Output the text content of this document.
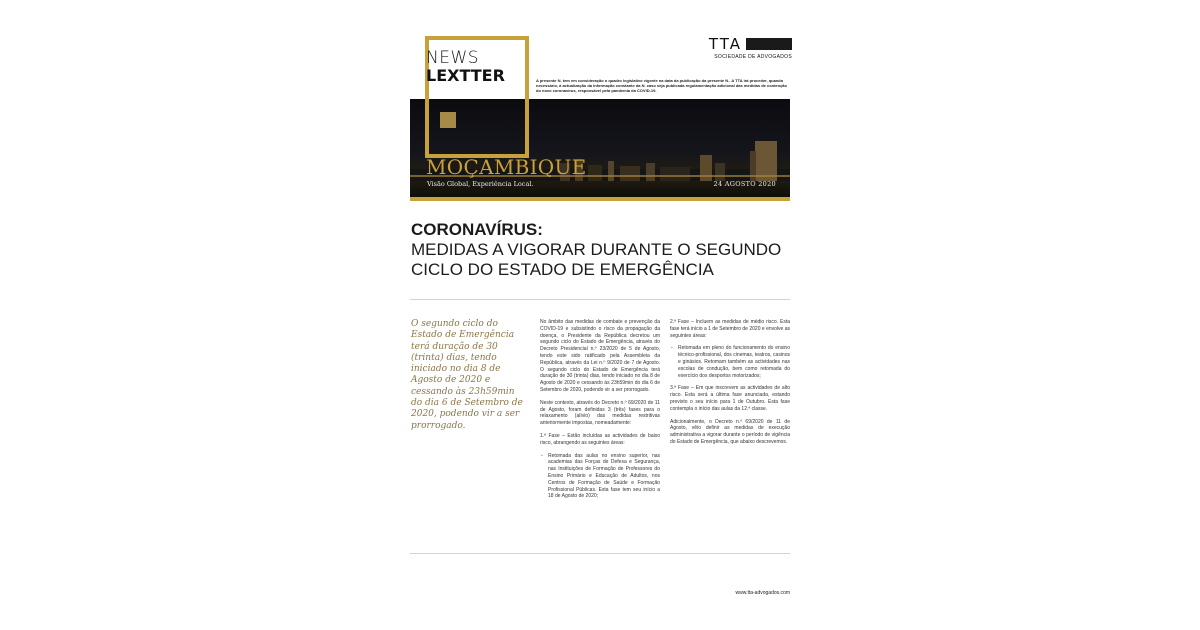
NEWS
LEXTTER
TTA
SOCIEDADE DE ADVOGADOS
A presente N. tem em consideração o quadro legislativo vigente na data da publicação da presente N.. A TTA irá proceder, quando necessário, à actualização da informação constante da N. caso seja publicada regulamentação adicional das medidas de contenção do novo coronavírus, responsável pela pandemia da COVID-19.
MOÇAMBIQUE
Visão Global, Experiência Local.	24 AGOSTO 2020
CORONAVÍRUS:
MEDIDAS A VIGORAR DURANTE O SEGUNDO
CICLO DO ESTADO DE EMERGÊNCIA
O segundo ciclo do Estado de Emergência terá duração de 30 (trinta) dias, tendo iniciado no dia 8 de Agosto de 2020 e cessando às 23h59min do dia 6 de Setembro de 2020, podendo vir a ser prorrogado.

No âmbito das medidas de combate e prevenção da COVID-19 e subsistindo o risco da propagação da doença, o Presidente da República decretou um segundo ciclo do Estado de Emergência, através do Decreto Presidencial n.º 23/2020 de 5 de Agosto, tendo este sido ratificado pela Assembleia da República, através da Lei n.º 9/2020 de 7 de Agosto. O segundo ciclo do Estado de Emergência terá duração de 30 (trinta) dias, tendo iniciado no dia 8 de Agosto de 2020 e cessando às 23h59min do dia 6 de Setembro de 2020, podendo vir a ser prorrogado.

Neste contexto, através do Decreto n.º 69/2020 de 11 de Agosto, foram definidas 3 (três) fases para o relaxamento (alívio) das medidas restritivas anteriormente impostas, nomeadamente:

1.ª Fase – Estão incluídas as actividades de baixo risco, abrangendo as seguintes áreas:

▪ Retomada das aulas no ensino superior, nas academias das Forças de Defesa e Segurança, nas Instituições de Formação de Professores do Ensino Primário e Educação de Adultos, nos Centros de Formação de Saúde e Formação Profissional Públicas. Esta fase tem seu início a 18 de Agosto de 2020;

2.ª Fase – Incluem as medidas de médio risco. Esta fase terá início a 1 de Setembro de 2020 e envolve as seguintes áreas:

▪ Retomada em pleno do funcionamento do ensino técnico-profissional, dos cinemas, teatros, casinos e ginásios. Retomam também as actividades nas escolas de condução, bem como retomada do exercício dos desportos motorizados;

3.ª Fase – Em que inscrevem as actividades de alto risco. Esta será a última fase anunciada, estando previsto o seu início para 1 de Outubro. Esta fase contempla o início das aulas da 12.ª classe.

Adicionalmente, o Decreto n.º 69/2020 de 11 de Agosto, vêio definir as medidas de execução administrativa a vigorar durante o período de vigência do Estado de Emergência, que abaixo descrevemos.

www.tta-advogados.com
